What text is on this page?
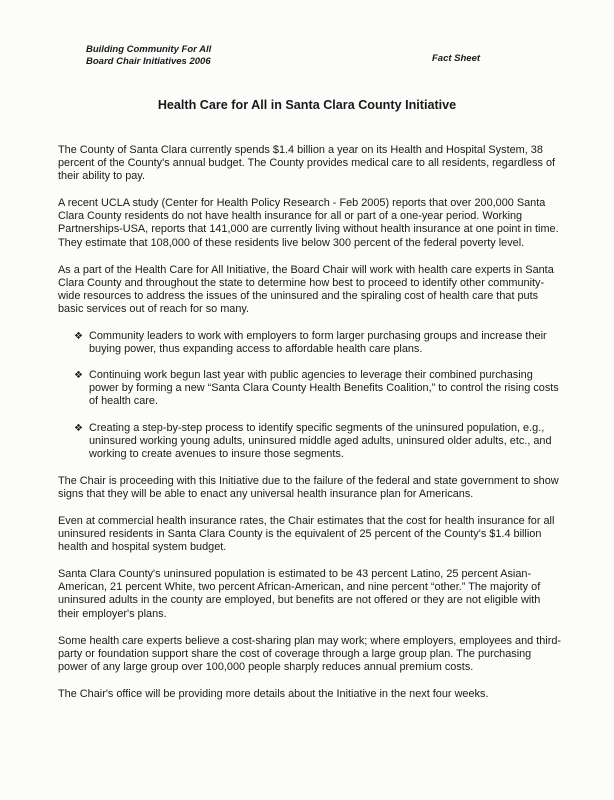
Building Community For All
Board Chair Initiatives 2006	Fact Sheet
Health Care for All in Santa Clara County Initiative

The County of Santa Clara currently spends $1.4 billion a year on its Health and Hospital System, 38 percent of the County's annual budget. The County provides medical care to all residents, regardless of their ability to pay.

A recent UCLA study (Center for Health Policy Research - Feb 2005) reports that over 200,000 Santa Clara County residents do not have health insurance for all or part of a one-year period. Working Partnerships-USA, reports that 141,000 are currently living without health insurance at one point in time. They estimate that 108,000 of these residents live below 300 percent of the federal poverty level.

As a part of the Health Care for All Initiative, the Board Chair will work with health care experts in Santa Clara County and throughout the state to determine how best to proceed to identify other community-wide resources to address the issues of the uninsured and the spiraling cost of health care that puts basic services out of reach for so many.

❖ Community leaders to work with employers to form larger purchasing groups and increase their buying power, thus expanding access to affordable health care plans.
❖ Continuing work begun last year with public agencies to leverage their combined purchasing power by forming a new “Santa Clara County Health Benefits Coalition,” to control the rising costs of health care.
❖ Creating a step-by-step process to identify specific segments of the uninsured population, e.g., uninsured working young adults, uninsured middle aged adults, uninsured older adults, etc., and working to create avenues to insure those segments.

The Chair is proceeding with this Initiative due to the failure of the federal and state government to show signs that they will be able to enact any universal health insurance plan for Americans.

Even at commercial health insurance rates, the Chair estimates that the cost for health insurance for all uninsured residents in Santa Clara County is the equivalent of 25 percent of the County's $1.4 billion health and hospital system budget.

Santa Clara County's uninsured population is estimated to be 43 percent Latino, 25 percent Asian-American, 21 percent White, two percent African-American, and nine percent “other.” The majority of uninsured adults in the county are employed, but benefits are not offered or they are not eligible with their employer's plans.

Some health care experts believe a cost-sharing plan may work; where employers, employees and third-party or foundation support share the cost of coverage through a large group plan. The purchasing power of any large group over 100,000 people sharply reduces annual premium costs.

The Chair's office will be providing more details about the Initiative in the next four weeks.
